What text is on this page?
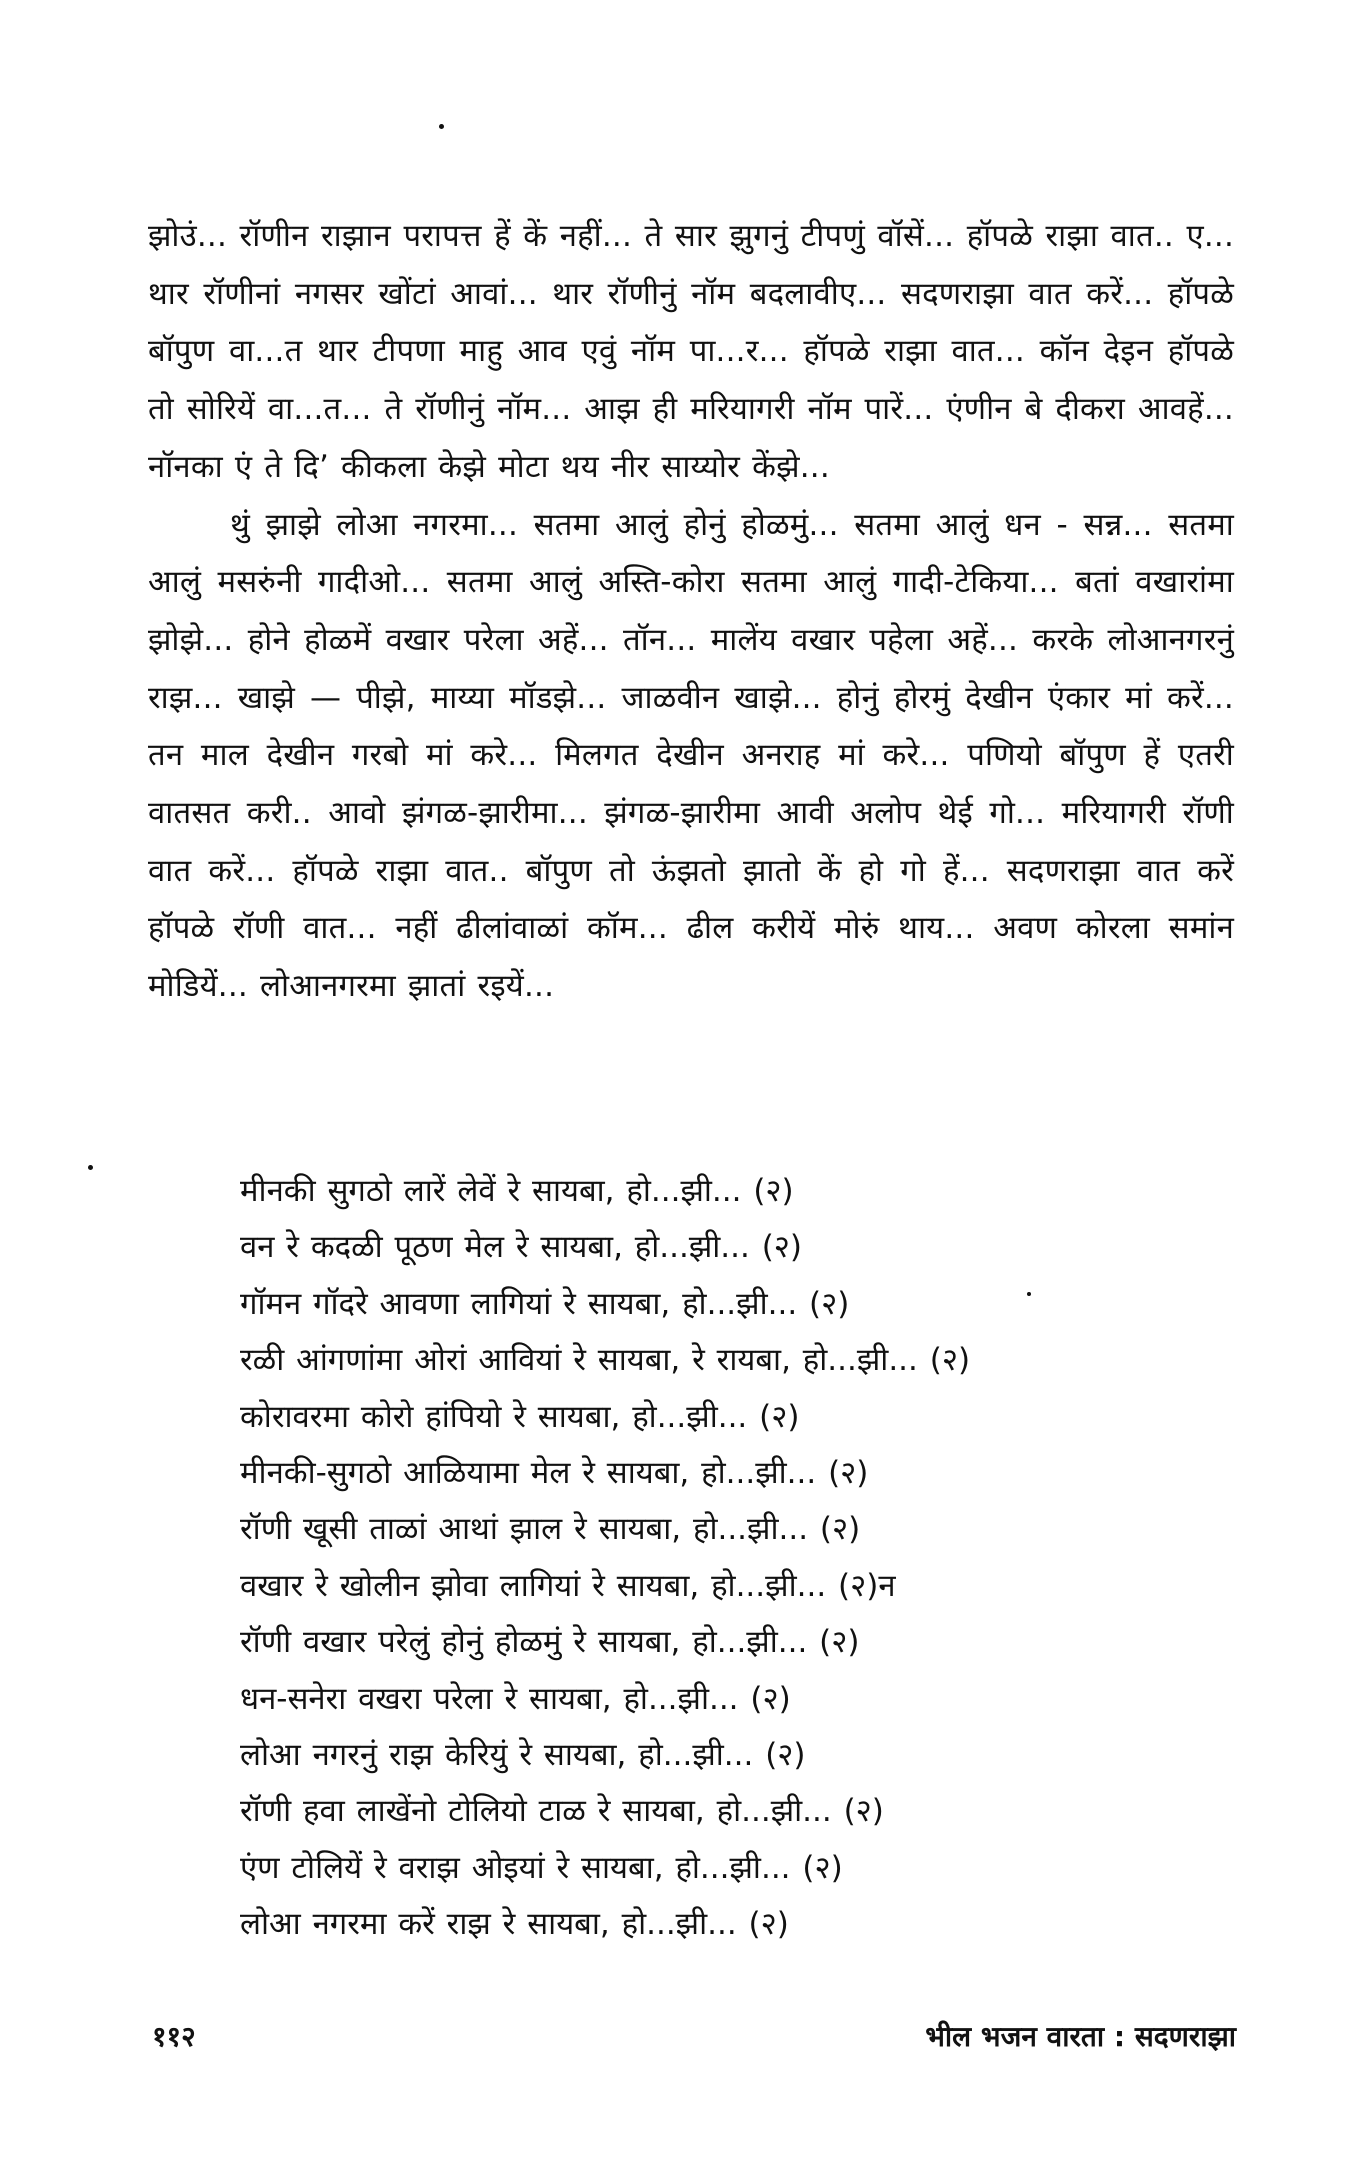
झोउं... रॉणीन राझान परापत्त हें कें नहीं... ते सार झुगनुं टीपणुं वॉसें... हॉपळे राझा वात.. ए... थार रॉणीनां नगसर खोंटां आवां... थार रॉणीनुं नॉम बदलावीए... सदणराझा वात करें... हॉपळे बॉपुण वा...त थार टीपणा माहु आव एवुं नॉम पा...र... हॉपळे राझा वात... कॉन देइन हॉपळे तो सोरियें वा...त... ते रॉणीनुं नॉम... आझ ही मरियागरी नॉम पारें... एंणीन बे दीकरा आवहें... नॉनका एं ते दि’ कीकला केझे मोटा थय नीर साय्योर केंझे...

थुं झाझे लोआ नगरमा... सतमा आलुं होनुं होळमुं... सतमा आलुं धन - सन्न... सतमा आलुं मसरुंनी गादीओ... सतमा आलुं अस्ति-कोरा सतमा आलुं गादी-टेकिया... बतां वखारांमा झोझे... होने होळमें वखार परेला अहें... तॉन... मालेंय वखार पहेला अहें... करके लोआनगरनुं राझ... खाझे — पीझे, माय्या मॉडझे... जाळवीन खाझे... होनुं होरमुं देखीन एंकार मां करें... तन माल देखीन गरबो मां करे... मिलगत देखीन अनराह मां करे... पणियो बॉपुण हें एतरी वातसत करी.. आवो झंगळ-झारीमा... झंगळ-झारीमा आवी अलोप थेई गो... मरियागरी रॉणी वात करें... हॉपळे राझा वात.. बॉपुण तो ऊंझतो झातो कें हो गो हें... सदणराझा वात करें हॉपळे रॉणी वात... नहीं ढीलांवाळां कॉम... ढील करीयें मोरुं थाय... अवण कोरला समांन मोडियें... लोआनगरमा झातां रइयें...

मीनकी सुगठो लारें लेवें रे सायबा, हो...झी... (२)
वन रे कदळी पूठण मेल रे सायबा, हो...झी... (२)
गॉमन गॉदरे आवणा लागियां रे सायबा, हो...झी... (२)
रळी आंगणांमा ओरां आवियां रे सायबा, रे रायबा, हो...झी... (२)
कोरावरमा कोरो हांपियो रे सायबा, हो...झी... (२)
मीनकी-सुगठो आळियामा मेल रे सायबा, हो...झी... (२)
रॉणी खूसी ताळां आथां झाल रे सायबा, हो...झी... (२)
वखार रे खोलीन झोवा लागियां रे सायबा, हो...झी... (२)न
रॉणी वखार परेलुं होनुं होळमुं रे सायबा, हो...झी... (२)
धन-सनेरा वखरा परेला रे सायबा, हो...झी... (२)
लोआ नगरनुं राझ केरियुं रे सायबा, हो...झी... (२)
रॉणी हवा लाखेंनो टोलियो टाळ रे सायबा, हो...झी... (२)
एंण टोलियें रे वराझ ओइयां रे सायबा, हो...झी... (२)
लोआ नगरमा करें राझ रे सायबा, हो...झी... (२)
११२	भील भजन वारता : सदणराझा
